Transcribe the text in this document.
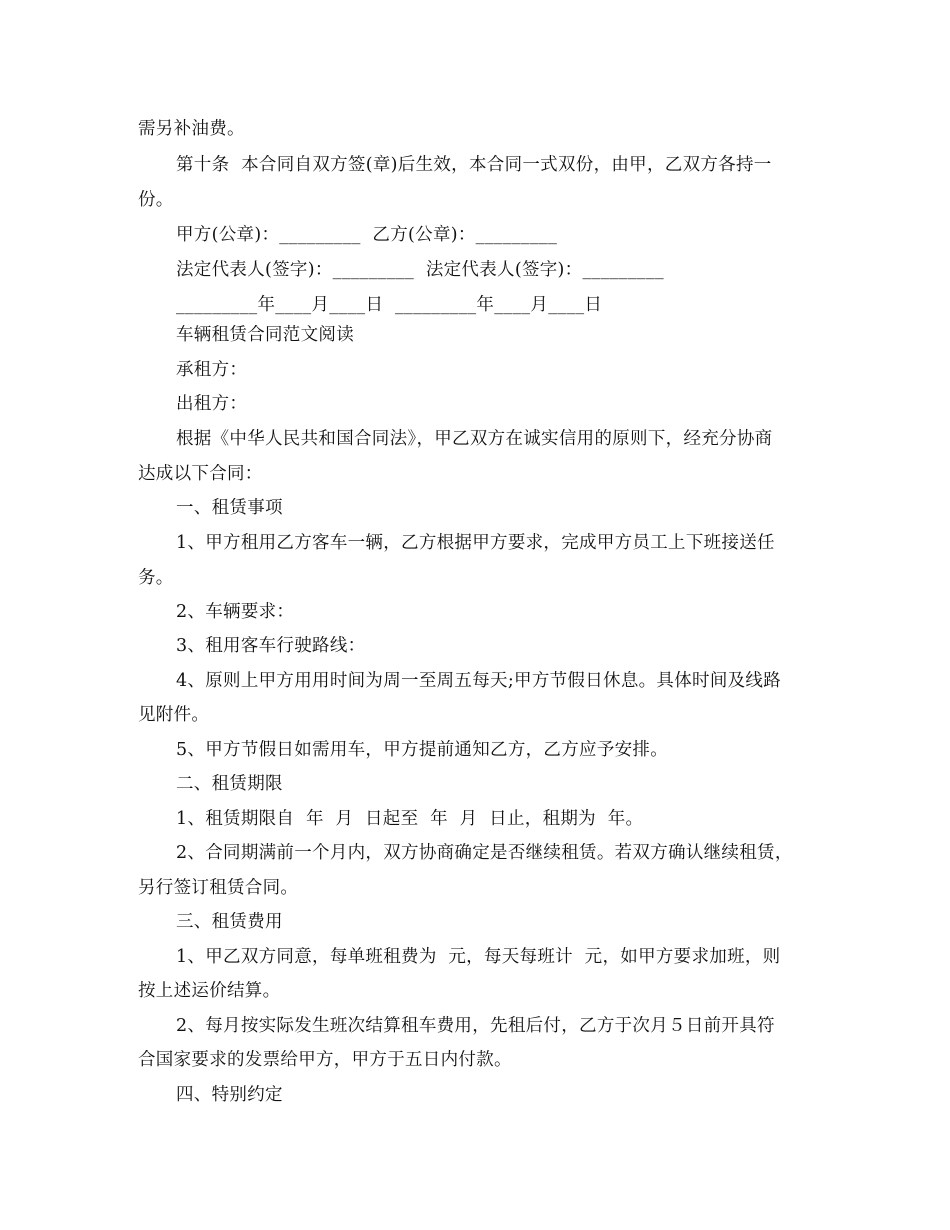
需另补油费。
第十条  本合同自双方签(章)后生效，本合同一式双份，由甲，乙双方各持一
份。
甲方(公章)：_________  乙方(公章)：_________
法定代表人(签字)：_________  法定代表人(签字)：_________
_________年____月____日  _________年____月____日
车辆租赁合同范文阅读
承租方：
出租方：
根据《中华人民共和国合同法》，甲乙双方在诚实信用的原则下，经充分协商
达成以下合同：
一、租赁事项
1、甲方租用乙方客车一辆，乙方根据甲方要求，完成甲方员工上下班接送任
务。
2、车辆要求：
3、租用客车行驶路线：
4、原则上甲方用用时间为周一至周五每天;甲方节假日休息。具体时间及线路
见附件。
5、甲方节假日如需用车，甲方提前通知乙方，乙方应予安排。
二、租赁期限
1、租赁期限自  年  月  日起至  年  月  日止，租期为  年。
2、合同期满前一个月内，双方协商确定是否继续租赁。若双方确认继续租赁，
另行签订租赁合同。
三、租赁费用
1、甲乙双方同意，每单班租费为  元，每天每班计  元，如甲方要求加班，则
按上述运价结算。
2、每月按实际发生班次结算租车费用，先租后付，乙方于次月５日前开具符
合国家要求的发票给甲方，甲方于五日内付款。
四、特别约定
